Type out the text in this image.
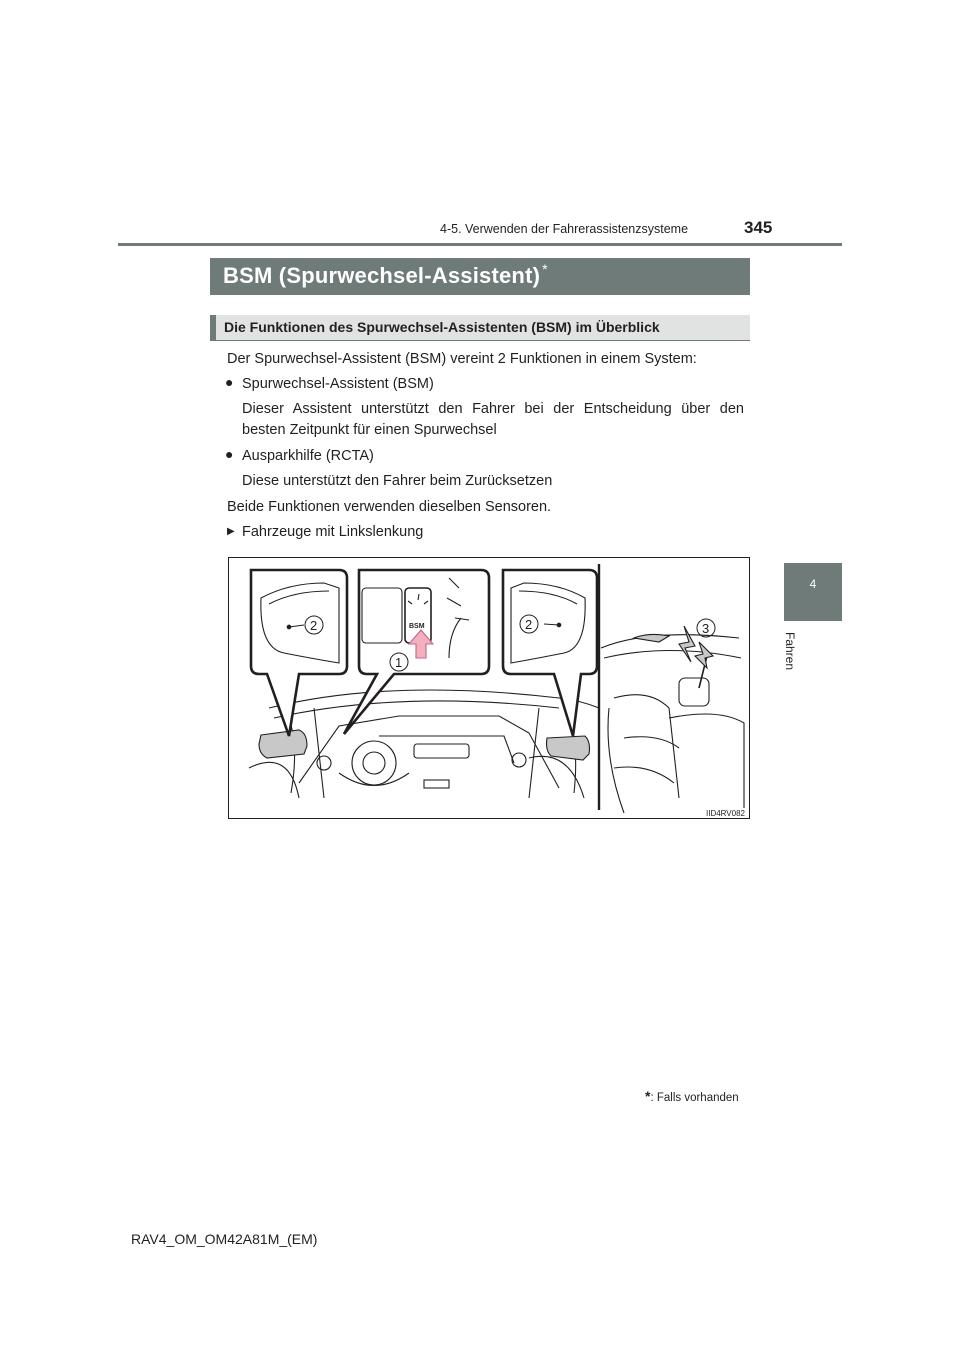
4-5. Verwenden der Fahrerassistenzsysteme	345
4
Fahren
BSM (Spurwechsel-Assistent) *
Die Funktionen des Spurwechsel-Assistenten (BSM) im Überblick
Der Spurwechsel-Assistent (BSM) vereint 2 Funktionen in einem System:
● Spurwechsel-Assistent (BSM)
Dieser Assistent unterstützt den Fahrer bei der Entscheidung über den
besten Zeitpunkt für einen Spurwechsel
● Ausparkhilfe (RCTA)
Diese unterstützt den Fahrer beim Zurücksetzen
Beide Funktionen verwenden dieselben Sensoren.
▶ Fahrzeuge mit Linkslenkung
BSM
2
1
2	3
IID4RV082
*: Falls vorhanden
RAV4_OM_OM42A81M_(EM)
